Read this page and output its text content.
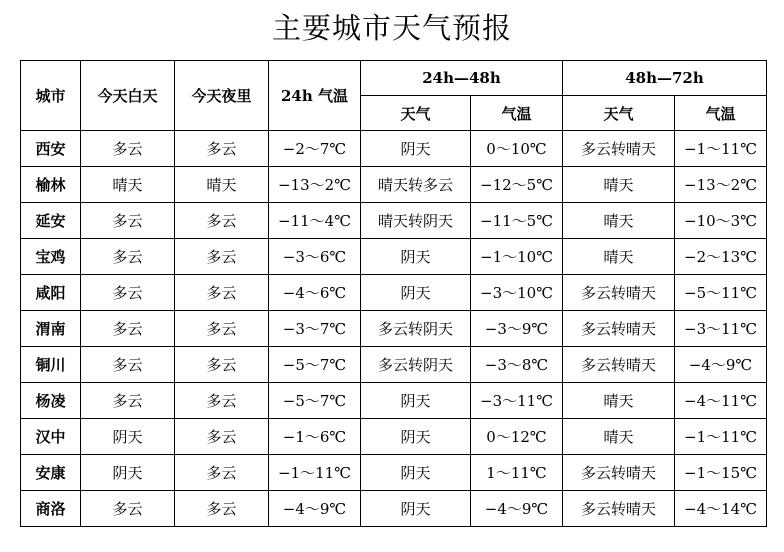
主要城市天气预报
城市	今天白天	今天夜里	24h 气温	24h—48h		48h—72h	
				天气	气温	天气	气温
西安	多云	多云	−2～7℃	阴天	0～10℃	多云转晴天	−1～11℃
榆林	晴天	晴天	−13～2℃	晴天转多云	−12～5℃	晴天	−13～2℃
延安	多云	多云	−11～4℃	晴天转阴天	−11～5℃	晴天	−10～3℃
宝鸡	多云	多云	−3～6℃	阴天	−1～10℃	晴天	−2～13℃
咸阳	多云	多云	−4～6℃	阴天	−3～10℃	多云转晴天	−5～11℃
渭南	多云	多云	−3～7℃	多云转阴天	−3～9℃	多云转晴天	−3～11℃
铜川	多云	多云	−5～7℃	多云转阴天	−3～8℃	多云转晴天	−4～9℃
杨凌	多云	多云	−5～7℃	阴天	−3～11℃	晴天	−4～11℃
汉中	阴天	多云	−1～6℃	阴天	0～12℃	晴天	−1～11℃
安康	阴天	多云	−1～11℃	阴天	1～11℃	多云转晴天	−1～15℃
商洛	多云	多云	−4～9℃	阴天	−4～9℃	多云转晴天	−4～14℃
